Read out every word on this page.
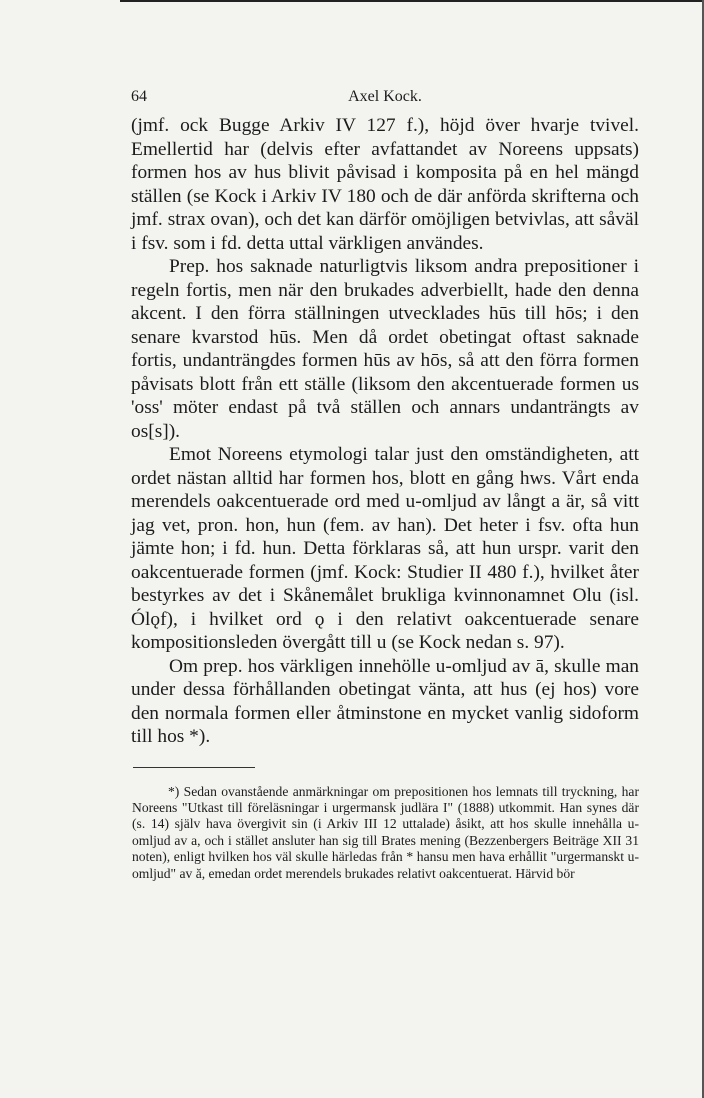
64	Axel Kock.

(jmf. ock Bugge Arkiv IV 127 f.), höjd över hvarje tvivel. Emellertid har (delvis efter avfattandet av Noreens uppsats) formen hos av hus blivit påvisad i komposita på en hel mängd ställen (se Kock i Arkiv IV 180 och de där anförda skrifterna och jmf. strax ovan), och det kan därför omöjligen betvivlas, att såväl i fsv. som i fd. detta uttal värkligen användes.

Prep. hos saknade naturligtvis liksom andra prepositioner i regeln fortis, men när den brukades adverbiellt, hade den denna akcent. I den förra ställningen utvecklades hūs till hōs; i den senare kvarstod hūs. Men då ordet obetingat oftast saknade fortis, undanträngdes formen hūs av hōs, så att den förra formen påvisats blott från ett ställe (liksom den akcentuerade formen us 'oss' möter endast på två ställen och annars undanträngts av os[s]).

Emot Noreens etymologi talar just den omständigheten, att ordet nästan alltid har formen hos, blott en gång hws. Vårt enda merendels oakcentuerade ord med u-omljud av långt a är, så vitt jag vet, pron. hon, hun (fem. av han). Det heter i fsv. ofta hun jämte hon; i fd. hun. Detta förklaras så, att hun urspr. varit den oakcentuerade formen (jmf. Kock: Studier II 480 f.), hvilket åter bestyrkes av det i Skånemålet brukliga kvinnonamnet Olu (isl. Ólǫf), i hvilket ord ǫ i den relativt oakcentuerade senare kompositionsleden övergått till u (se Kock nedan s. 97).

Om prep. hos värkligen innehölle u-omljud av ā, skulle man under dessa förhållanden obetingat vänta, att hus (ej hos) vore den normala formen eller åtminstone en mycket vanlig sidoform till hos *).

*) Sedan ovanstående anmärkningar om prepositionen hos lemnats till tryckning, har Noreens "Utkast till föreläsningar i urgermansk judlära I" (1888) utkommit. Han synes där (s. 14) själv hava övergivit sin (i Arkiv III 12 uttalade) åsikt, att hos skulle innehålla u-omljud av a, och i stället ansluter han sig till Brates mening (Bezzenbergers Beiträge XII 31 noten), enligt hvilken hos väl skulle härledas från * hansu men hava erhållit "urgermanskt u-omljud" av ă, emedan ordet merendels brukades relativt oakcentuerat. Härvid bör
